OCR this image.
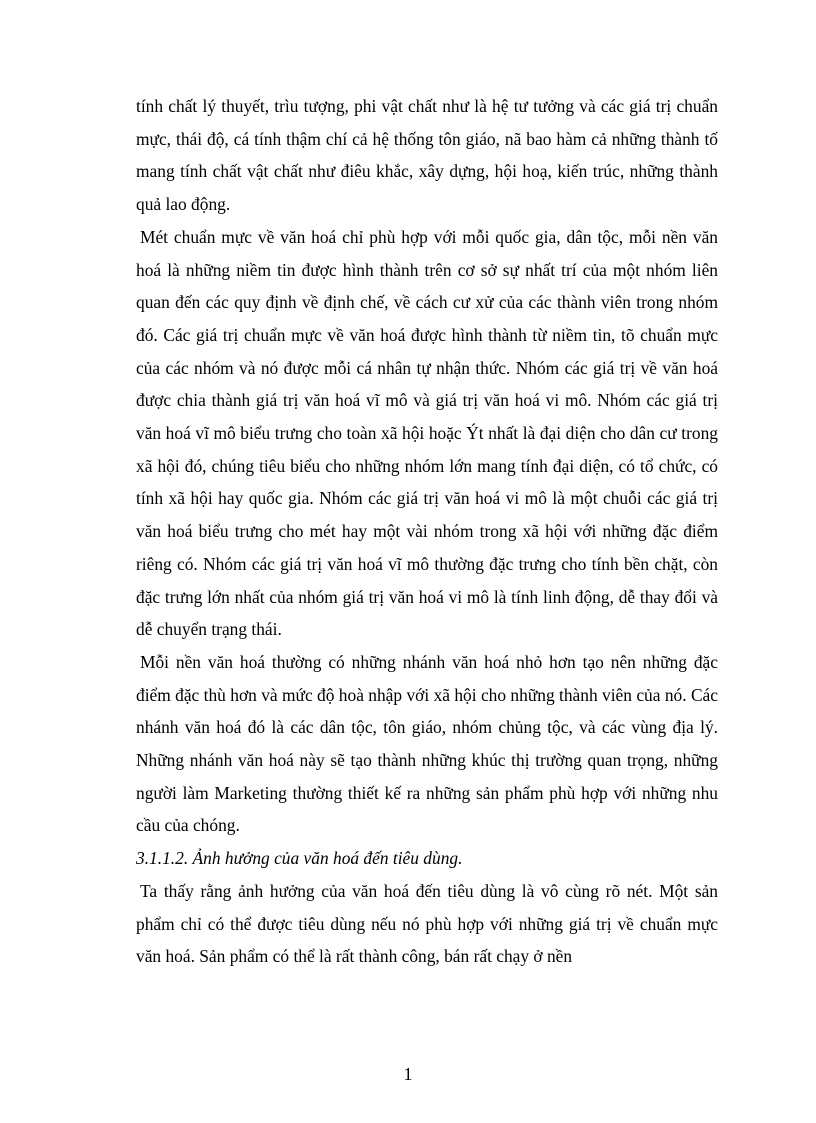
tính chất lý thuyết, trìu tượng, phi vật chất như là hệ tư tưởng và các giá trị chuẩn mực, thái độ, cá tính thậm chí cả hệ thống tôn giáo, nã bao hàm cả những thành tố mang tính chất vật chất như điêu khắc, xây dựng, hội hoạ, kiến trúc, những thành quả lao động.

Mét chuẩn mực về văn hoá chỉ phù hợp với mỗi quốc gia, dân tộc, mỗi nền văn hoá là những niềm tin được hình thành trên cơ sở sự nhất trí của một nhóm liên quan đến các quy định về định chế, về cách cư xử của các thành viên trong nhóm đó. Các giá trị chuẩn mực về văn hoá được hình thành từ niềm tin, tõ chuẩn mực của các nhóm và nó được mỗi cá nhân tự nhận thức. Nhóm các giá trị về văn hoá được chia thành giá trị văn hoá vĩ mô và giá trị văn hoá vi mô. Nhóm các giá trị văn hoá vĩ mô biểu trưng cho toàn xã hội hoặc Ýt nhất là đại diện cho dân cư trong xã hội đó, chúng tiêu biểu cho những nhóm lớn mang tính đại diện, có tổ chức, có tính xã hội hay quốc gia. Nhóm các giá trị văn hoá vi mô là một chuỗi các giá trị văn hoá biểu trưng cho mét hay một vài nhóm trong xã hội với những đặc điểm riêng có. Nhóm các giá trị văn hoá vĩ mô thường đặc trưng cho tính bền chặt, còn đặc trưng lớn nhất của nhóm giá trị văn hoá vi mô là tính linh động, dễ thay đổi và dễ chuyển trạng thái.

Mỗi nền văn hoá thường có những nhánh văn hoá nhỏ hơn tạo nên những đặc điểm đặc thù hơn và mức độ hoà nhập với xã hội cho những thành viên của nó. Các nhánh văn hoá đó là các dân tộc, tôn giáo, nhóm chủng tộc, và các vùng địa lý. Những nhánh văn hoá này sẽ tạo thành những khúc thị trường quan trọng, những người làm Marketing thường thiết kế ra những sản phẩm phù hợp với những nhu cầu của chóng.

3.1.1.2. Ảnh hưởng của văn hoá đến tiêu dùng.

Ta thấy rằng ảnh hưởng của văn hoá đến tiêu dùng là vô cùng rõ nét. Một sản phẩm chỉ có thể được tiêu dùng nếu nó phù hợp với những giá trị về chuẩn mực văn hoá. Sản phẩm có thể là rất thành công, bán rất chạy ở nền

1
